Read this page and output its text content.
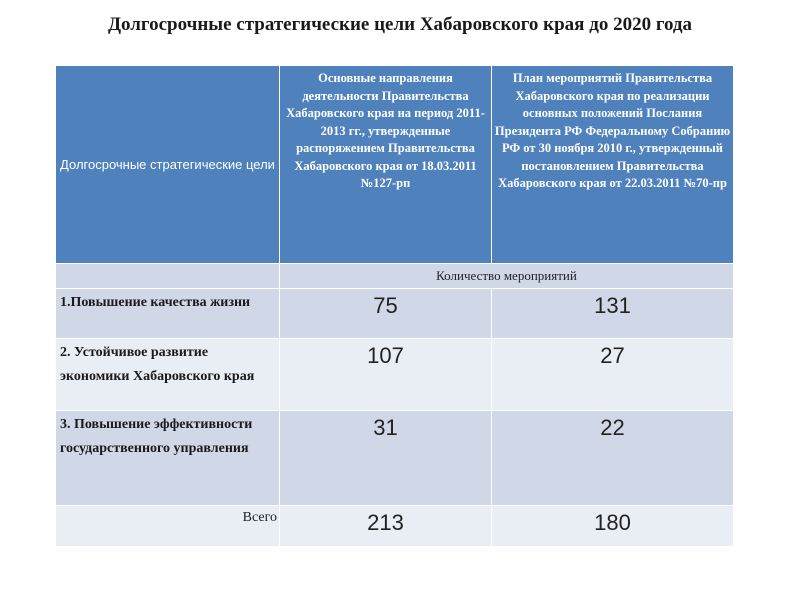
Долгосрочные стратегические цели Хабаровского края до 2020 года
Долгосрочные стратегические цели	Основные направления деятельности Правительства Хабаровского края на период 2011-2013 гг., утвержденные распоряжением Правительства Хабаровского края от 18.03.2011 №127-рп	План мероприятий Правительства Хабаровского края по реализации основных положений Послания Президента РФ Федеральному Собранию РФ от 30 ноября 2010 г., утвержденный постановлением Правительства Хабаровского края от 22.03.2011 №70-пр
	Количество мероприятий	
1.Повышение качества жизни	75	131
2. Устойчивое развитие экономики Хабаровского края	107	27
3. Повышение эффективности государственного управления	31	22
Всего	213	180
